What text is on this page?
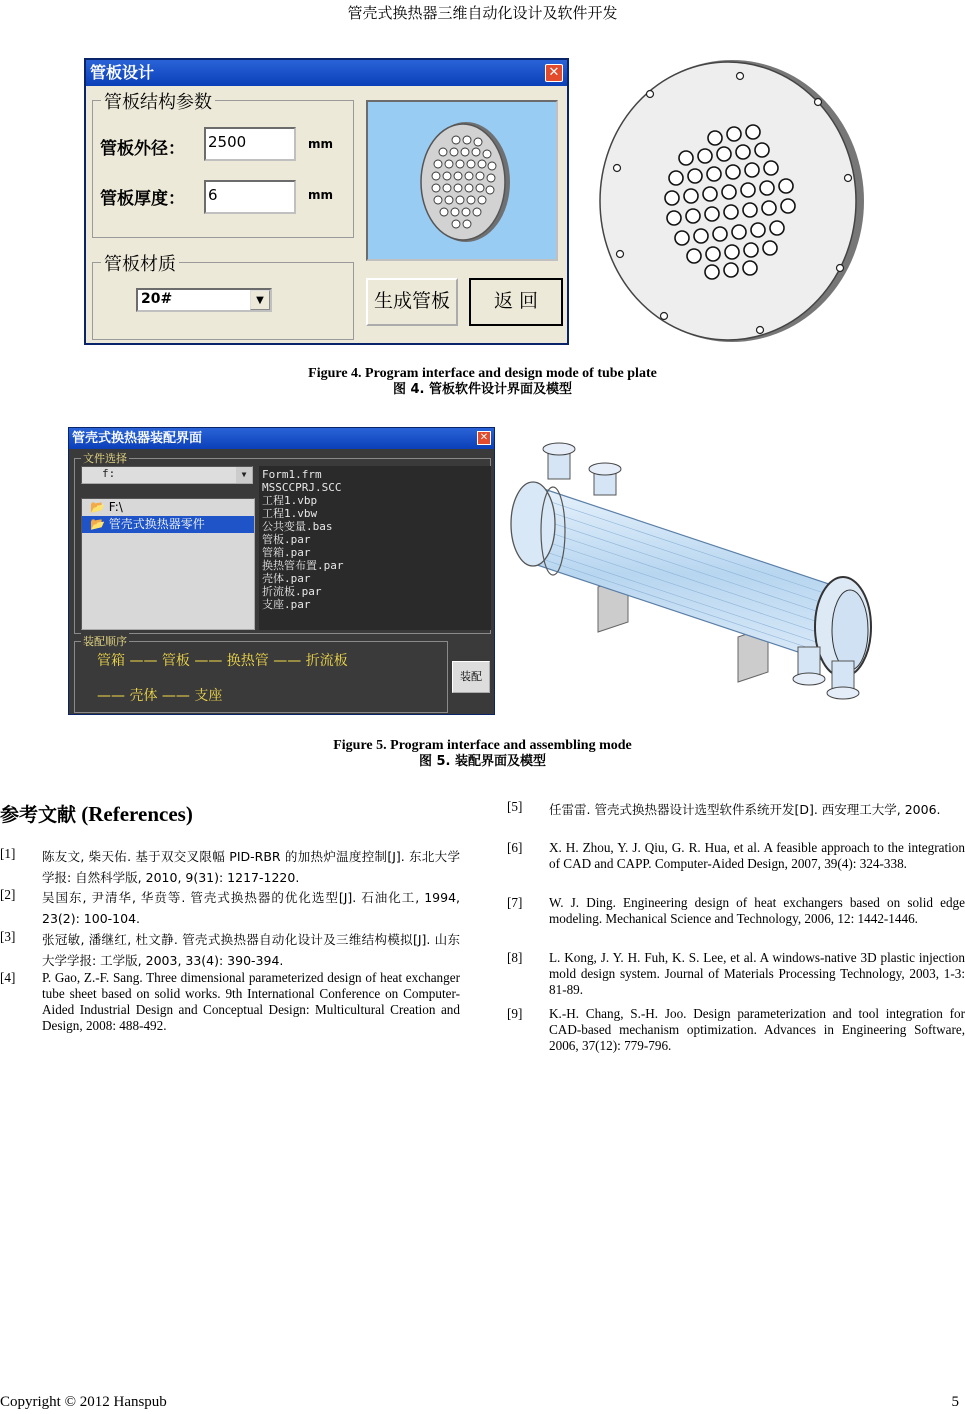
管壳式换热器三维自动化设计及软件开发
管板设计	✕
管板结构参数
管板外径： 2500	mm
管板厚度： 6	mm
管板材质
20#	▼	生成管板	返 回
Figure 4. Program interface and design mode of tube plate
图 4. 管板软件设计界面及模型
管壳式换热器装配界面	✕
文件选择
f:	▼
📂 F:\
📂 管壳式换热器零件
Form1.frm
MSSCCPRJ.SCC
工程1.vbp
工程1.vbw
公共变量.bas
管板.par
管箱.par
换热管布置.par
壳体.par
折流板.par
支座.par
装配顺序
管箱 —— 管板 —— 换热管 —— 折流板
—— 壳体 —— 支座
装配
Figure 5. Program interface and assembling mode
图 5. 装配界面及模型
参考文献 (References)
[1] 陈友文, 柴天佑. 基于双交叉限幅 PID-RBR 的加热炉温度控制[J]. 东北大学学报: 自然科学版, 2010, 9(31): 1217-1220.
[2] 吴国东, 尹清华, 华贲等. 管壳式换热器的优化选型[J]. 石油化工, 1994, 23(2): 100-104.
[3] 张冠敏, 潘继红, 杜文静. 管壳式换热器自动化设计及三维结构模拟[J]. 山东大学学报: 工学版, 2003, 33(4): 390-394.
[4] P. Gao, Z.-F. Sang. Three dimensional parameterized design of heat exchanger tube sheet based on solid works. 9th International Conference on Computer-Aided Industrial Design and Conceptual Design: Multicultural Creation and Design, 2008: 488-492.
[5] 任雷雷. 管壳式换热器设计选型软件系统开发[D]. 西安理工大学, 2006.
[6] X. H. Zhou, Y. J. Qiu, G. R. Hua, et al. A feasible approach to the integration of CAD and CAPP. Computer-Aided Design, 2007, 39(4): 324-338.
[7] W. J. Ding. Engineering design of heat exchangers based on solid edge modeling. Mechanical Science and Technology, 2006, 12: 1442-1446.
[8] L. Kong, J. Y. H. Fuh, K. S. Lee, et al. A windows-native 3D plastic injection mold design system. Journal of Materials Processing Technology, 2003, 1-3: 81-89.
[9] K.-H. Chang, S.-H. Joo. Design parameterization and tool integration for CAD-based mechanism optimization. Advances in Engineering Software, 2006, 37(12): 779-796.
Copyright © 2012 Hanspub	5
